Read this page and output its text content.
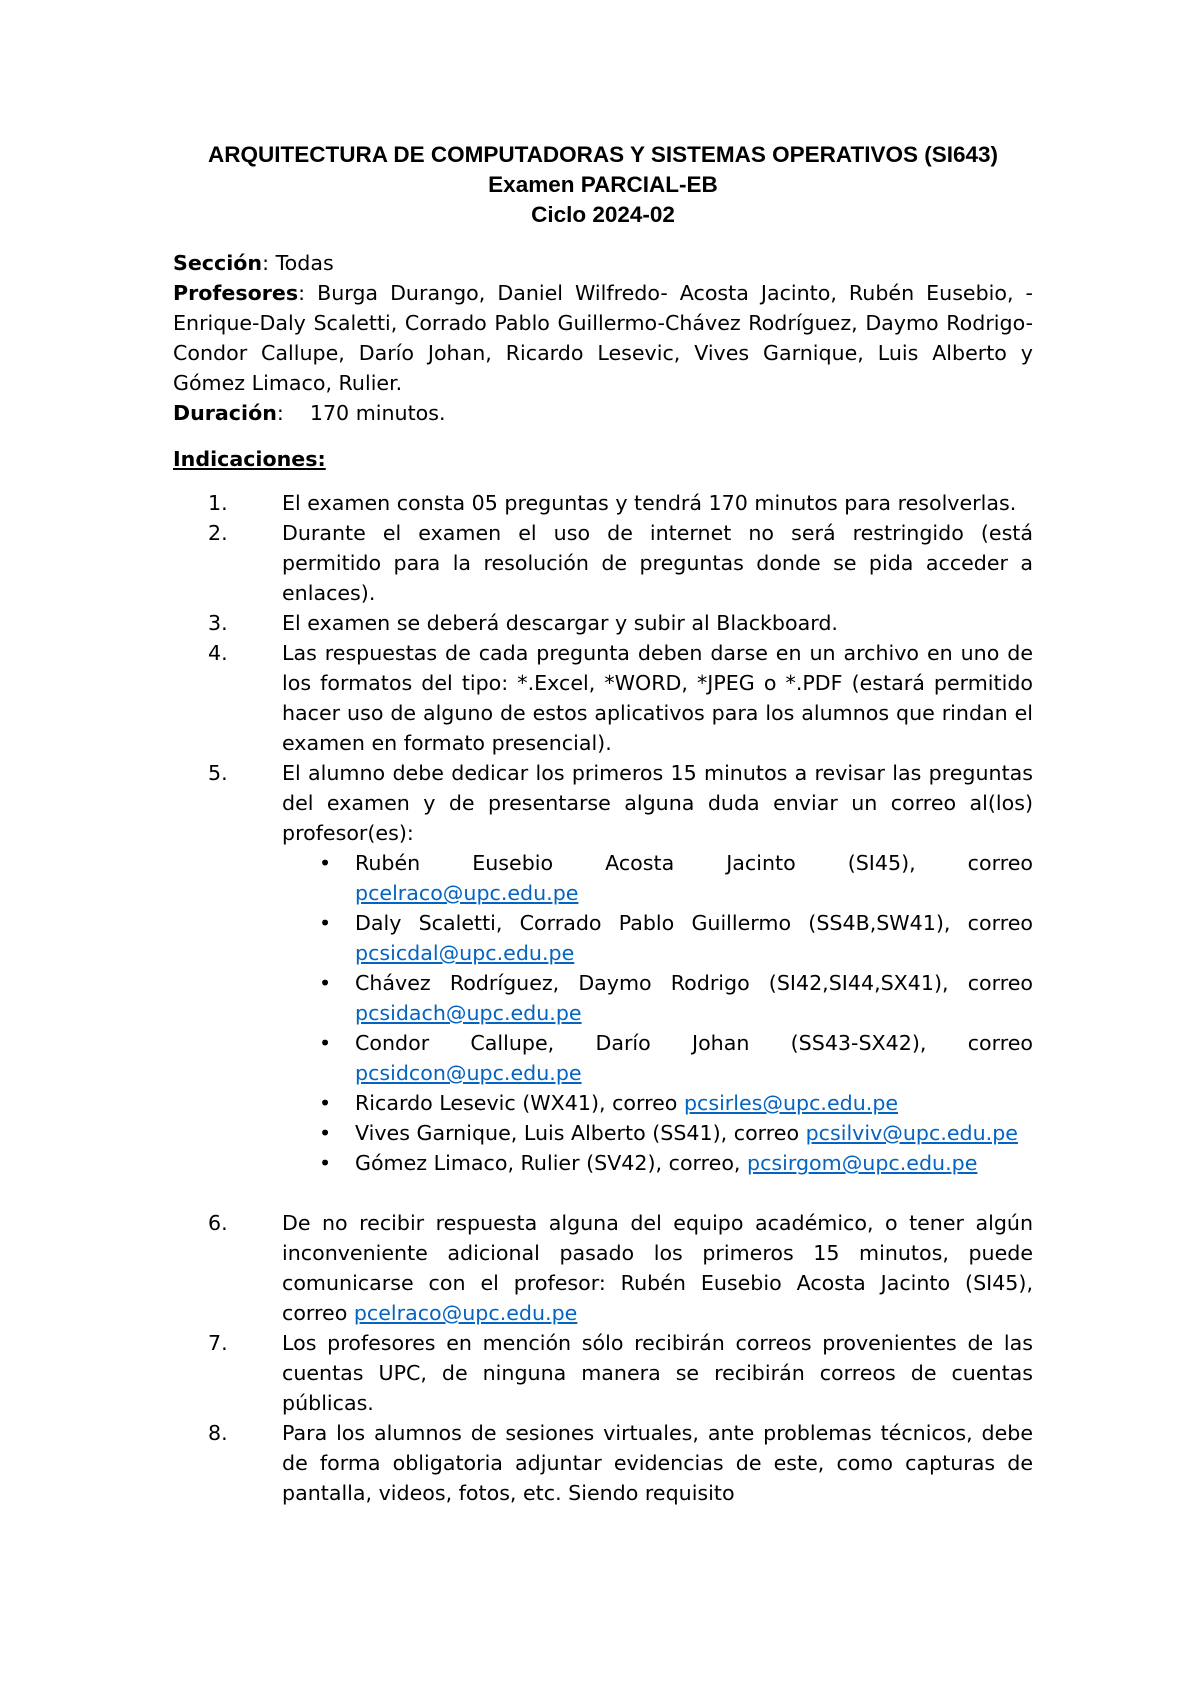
ARQUITECTURA DE COMPUTADORAS Y SISTEMAS OPERATIVOS (SI643)

Examen PARCIAL-EB

Ciclo 2024-02

Sección: Todas

Profesores: Burga Durango, Daniel Wilfredo- Acosta Jacinto, Rubén Eusebio, - Enrique-Daly Scaletti, Corrado Pablo Guillermo-Chávez Rodríguez, Daymo Rodrigo-Condor Callupe, Darío Johan, Ricardo Lesevic, Vives Garnique, Luis Alberto y Gómez Limaco, Rulier.

Duración: 170 minutos.

Indicaciones:

1.	El examen consta 05 preguntas y tendrá 170 minutos para resolverlas.
2.	Durante el examen el uso de internet no será restringido (está permitido para la resolución de preguntas donde se pida acceder a enlaces).
3.	El examen se deberá descargar y subir al Blackboard.
4.	Las respuestas de cada pregunta deben darse en un archivo en uno de los formatos del tipo: *.Excel, *WORD, *JPEG o *.PDF (estará permitido hacer uso de alguno de estos aplicativos para los alumnos que rindan el examen en formato presencial).
5.	El alumno debe dedicar los primeros 15 minutos a revisar las preguntas del examen y de presentarse alguna duda enviar un correo al(los) profesor(es):
• Rubén Eusebio Acosta Jacinto (SI45), correo pcelraco@upc.edu.pe
• Daly Scaletti, Corrado Pablo Guillermo (SS4B,SW41), correo pcsicdal@upc.edu.pe
• Chávez Rodríguez, Daymo Rodrigo (SI42,SI44,SX41), correo pcsidach@upc.edu.pe
• Condor Callupe, Darío Johan (SS43-SX42), correo pcsidcon@upc.edu.pe
• Ricardo Lesevic (WX41), correo pcsirles@upc.edu.pe
• Vives Garnique, Luis Alberto (SS41), correo pcsilviv@upc.edu.pe
• Gómez Limaco, Rulier (SV42), correo, pcsirgom@upc.edu.pe
6.	De no recibir respuesta alguna del equipo académico, o tener algún inconveniente adicional pasado los primeros 15 minutos, puede comunicarse con el profesor: Rubén Eusebio Acosta Jacinto (SI45), correo pcelraco@upc.edu.pe
7.	Los profesores en mención sólo recibirán correos provenientes de las cuentas UPC, de ninguna manera se recibirán correos de cuentas públicas.
8.	Para los alumnos de sesiones virtuales, ante problemas técnicos, debe de forma obligatoria adjuntar evidencias de este, como capturas de pantalla, videos, fotos, etc. Siendo requisito
